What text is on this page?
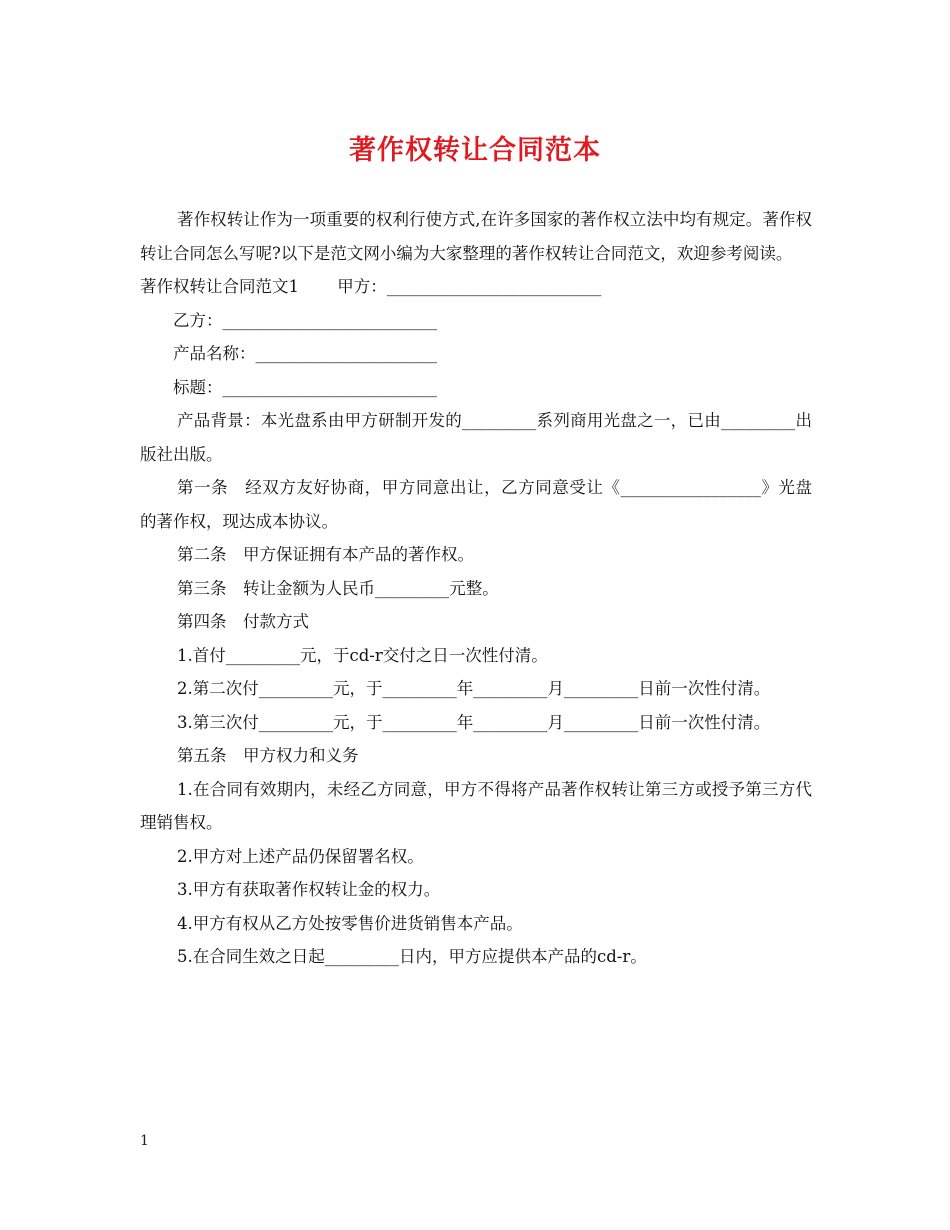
著作权转让合同范本

著作权转让作为一项重要的权利行使方式,在许多国家的著作权立法中均有规定。著作权转让合同怎么写呢?以下是范文网小编为大家整理的著作权转让合同范文，欢迎参考阅读。

著作权转让合同范文1　　 甲方：__________________________

　　乙方：__________________________

　　产品名称：______________________

　　标题：__________________________

产品背景：本光盘系由甲方研制开发的_________系列商用光盘之一，已由_________出版社出版。

第一条　经双方友好协商，甲方同意出让，乙方同意受让《_________________》光盘的著作权，现达成本协议。

第二条　甲方保证拥有本产品的著作权。

第三条　转让金额为人民币_________元整。

第四条　付款方式

1.首付_________元，于cd-r交付之日一次性付清。

2.第二次付_________元，于_________年_________月_________日前一次性付清。

3.第三次付_________元，于_________年_________月_________日前一次性付清。

第五条　甲方权力和义务

1.在合同有效期内，未经乙方同意，甲方不得将产品著作权转让第三方或授予第三方代理销售权。

2.甲方对上述产品仍保留署名权。

3.甲方有获取著作权转让金的权力。

4.甲方有权从乙方处按零售价进货销售本产品。

5.在合同生效之日起_________日内，甲方应提供本产品的cd-r。

1
